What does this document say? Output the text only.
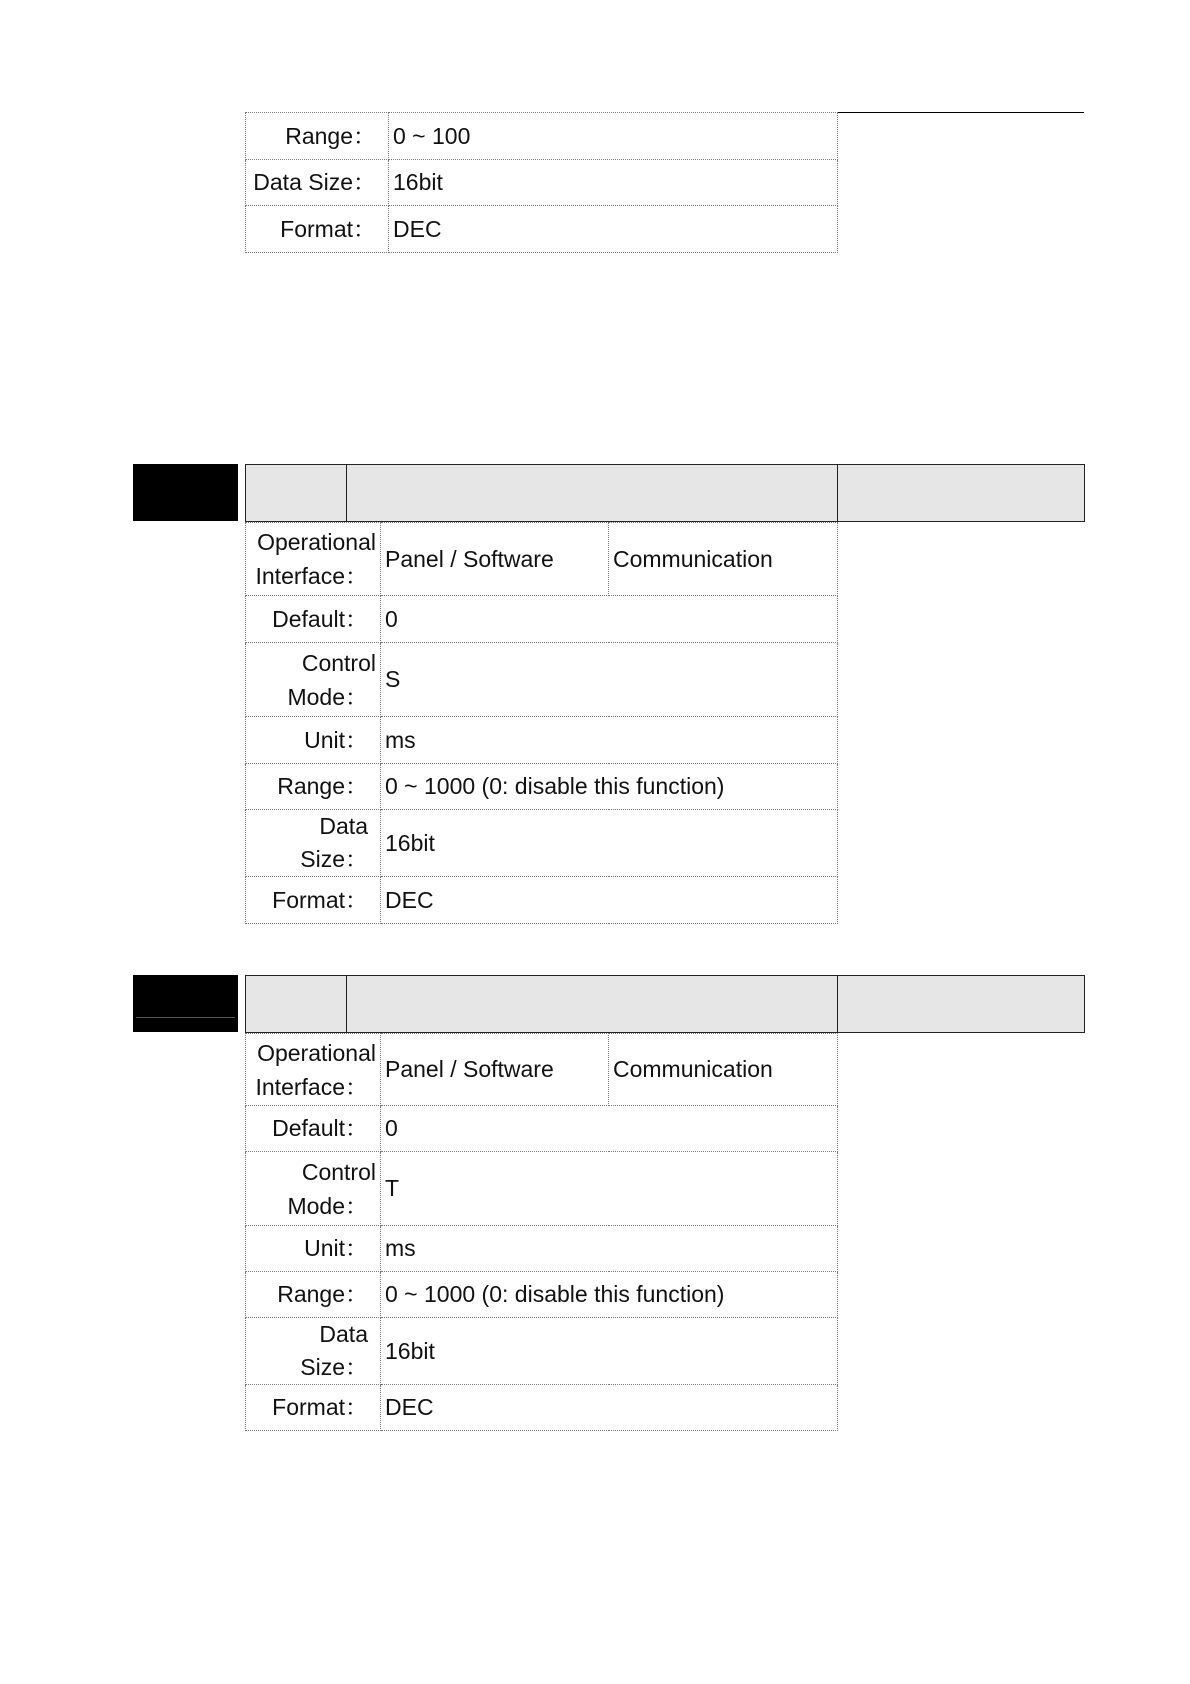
Range：	0 ~ 100
Data Size：	16bit
Format：	DEC
Operational
Interface：	Panel / Software	Communication
Default：	0	
Control
Mode：	S	
Unit：	ms	
Range：	0 ~ 1000 (0: disable this function)	
Data Size：	16bit	
Format：	DEC	
Operational
Interface：	Panel / Software	Communication
Default：	0	
Control
Mode：	T	
Unit：	ms	
Range：	0 ~ 1000 (0: disable this function)	
Data Size：	16bit	
Format：	DEC	
